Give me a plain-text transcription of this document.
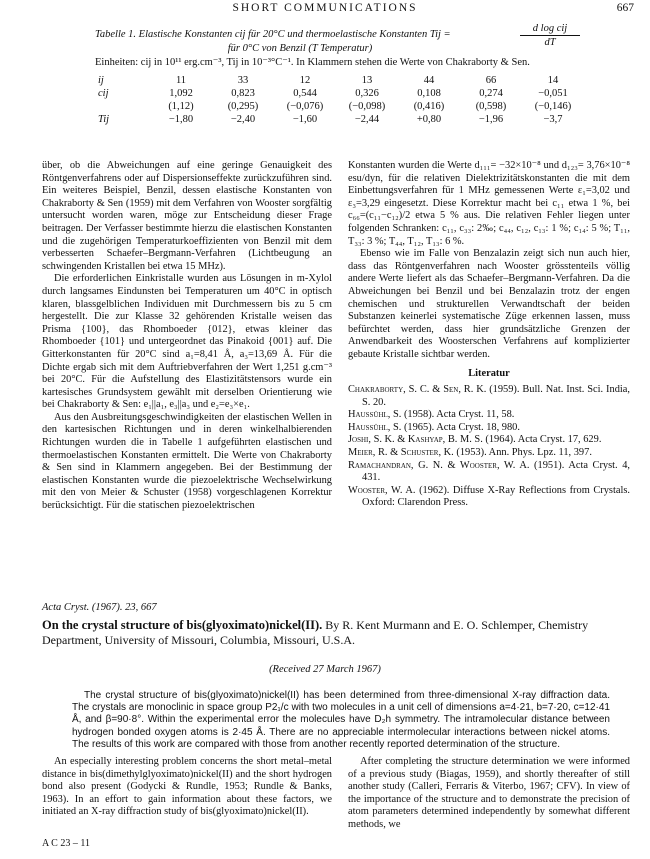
SHORT COMMUNICATIONS	667
Tabelle 1. Elastische Konstanten cij für 20°C und thermoelastische Konstanten Tij =
für 0°C von Benzil (T Temperatur)
d log cij
dT
Einheiten: cij in 10¹¹ erg.cm⁻³, Tij in 10⁻³°C⁻¹. In Klammern stehen die Werte von Chakraborty & Sen.
ij	11	33	12	13	44	66	14
cij	1,092	0,823	0,544	0,326	0,108	0,274	−0,051
	(1,12)	(0,295)	(−0,076)	(−0,098)	(0,416)	(0,598)	(−0,146)
Tij	−1,80	−2,40	−1,60	−2,44	+0,80	−1,96	−3,7

über, ob die Abweichungen auf eine geringe Genauigkeit des Röntgenverfahrens oder auf Dispersionseffekte zurückzuführen sind. Ein weiteres Beispiel, Benzil, dessen elastische Konstanten von Chakraborty & Sen (1959) mit dem Verfahren von Wooster sorgfältig untersucht worden waren, möge zur Entscheidung dieser Frage beitragen. Der Verfasser bestimmte hierzu die elastischen Konstanten und die zugehörigen Temperaturkoeffizienten von Benzil mit dem verbesserten Schaefer–Bergmann-Verfahren (Lichtbeugung an schwingenden Kristallen bei etwa 15 MHz).

Die erforderlichen Einkristalle wurden aus Lösungen in m-Xylol durch langsames Eindunsten bei Temperaturen um 40°C in optisch klaren, blassgelblichen Individuen mit Durchmessern bis zu 5 cm hergestellt. Die zur Klasse 32 gehörenden Kristalle weisen das Prisma {100}, das Rhomboeder {012}, etwas kleiner das Rhomboeder {101} und untergeordnet das Pinakoid {001} auf. Die Gitterkonstanten für 20°C sind a₁=8,41 Å, a₃=13,69 Å. Für die Dichte ergab sich mit dem Auftriebverfahren der Wert 1,251 g.cm⁻³ bei 20°C. Für die Aufstellung des Elastizitätstensors wurde ein kartesisches Grundsystem gewählt mit derselben Orientierung wie bei Chakraborty & Sen: e₁||a₁, e₃||a₃ und e₂=e₃×e₁.

Aus den Ausbreitungsgeschwindigkeiten der elastischen Wellen in den kartesischen Richtungen und in deren winkelhalbierenden Richtungen wurden die in Tabelle 1 aufgeführten elastischen und thermoelastischen Konstanten ermittelt. Die Werte von Chakraborty & Sen sind in Klammern angegeben. Bei der Bestimmung der elastischen Konstanten wurde die piezoelektrische Wechselwirkung mit den von Meier & Schuster (1958) vorgeschlagenen Korrektur berücksichtigt. Für die statischen piezoelektrischen

Konstanten wurden die Werte d₁₁₁= −32×10⁻⁸ und d₁₂₃= 3,76×10⁻⁸ esu/dyn, für die relativen Dielektrizitätskonstanten die mit dem Einbettungsverfahren für 1 MHz gemessenen Werte ε₁=3,02 und ε₃=3,29 eingesetzt. Diese Korrektur macht bei c₁₁ etwa 1 %, bei c₆₆=(c₁₁−c₁₂)/2 etwa 5 % aus. Die relativen Fehler liegen unter folgenden Schranken: c₁₁, c₃₃: 2‰; c₄₄, c₁₂, c₁₃: 1 %; c₁₄: 5 %; T₁₁, T₃₃: 3 %; T₄₄, T₁₂, T₁₃: 6 %.

Ebenso wie im Falle von Benzalazin zeigt sich nun auch hier, dass das Röntgenverfahren nach Wooster grösstenteils völlig andere Werte liefert als das Schaefer–Bergmann-Verfahren. Da die Abweichungen bei Benzil und bei Benzalazin trotz der engen chemischen und strukturellen Verwandtschaft der beiden Substanzen keinerlei systematische Züge erkennen lassen, muss befürchtet werden, dass hier grundsätzliche Grenzen der Anwendbarkeit des Woosterschen Verfahrens auf komplizierter gebaute Kristalle sichtbar werden.

Literatur

Chakraborty, S. C. & Sen, R. K. (1959). Bull. Nat. Inst. Sci. India, S. 20.

Haussühl, S. (1958). Acta Cryst. 11, 58.

Haussühl, S. (1965). Acta Cryst. 18, 980.

Joshi, S. K. & Kashyap, B. M. S. (1964). Acta Cryst. 17, 629.

Meier, R. & Schuster, K. (1953). Ann. Phys. Lpz. 11, 397.

Ramachandran, G. N. & Wooster, W. A. (1951). Acta Cryst. 4, 431.

Wooster, W. A. (1962). Diffuse X-Ray Reflections from Crystals. Oxford: Clarendon Press.

Acta Cryst. (1967). 23, 667
On the crystal structure of bis(glyoximato)nickel(II). By R. Kent Murmann and E. O. Schlemper, Chemistry Department, University of Missouri, Columbia, Missouri, U.S.A.
(Received 27 March 1967)
The crystal structure of bis(glyoximato)nickel(II) has been determined from three-dimensional X-ray diffraction data. The crystals are monoclinic in space group P2₁/c with two molecules in a unit cell of dimensions a=4·21, b=7·20, c=12·41 Å, and β=90·8°. Within the experimental error the molecules have D₂h symmetry. The intramolecular distance between hydrogen bonded oxygen atoms is 2·45 Å. There are no appreciable intermolecular interactions between nickel atoms. The results of this work are compared with those from another recently reported determination of the structure.
An especially interesting problem concerns the short metal–metal distance in bis(dimethylglyoximato)nickel(II) and the short hydrogen bond also present (Godycki & Rundle, 1953; Rundle & Banks, 1963). In an effort to gain information about these factors, we initiated an X-ray diffraction study of bis(glyoximato)nickel(II).
After completing the structure determination we were informed of a previous study (Biagas, 1959), and shortly thereafter of still another study (Calleri, Ferraris & Viterbo, 1967; CFV). In view of the importance of the structure and to demonstrate the precision of atom parameters determined independently by somewhat different methods, we
A C 23 – 11
